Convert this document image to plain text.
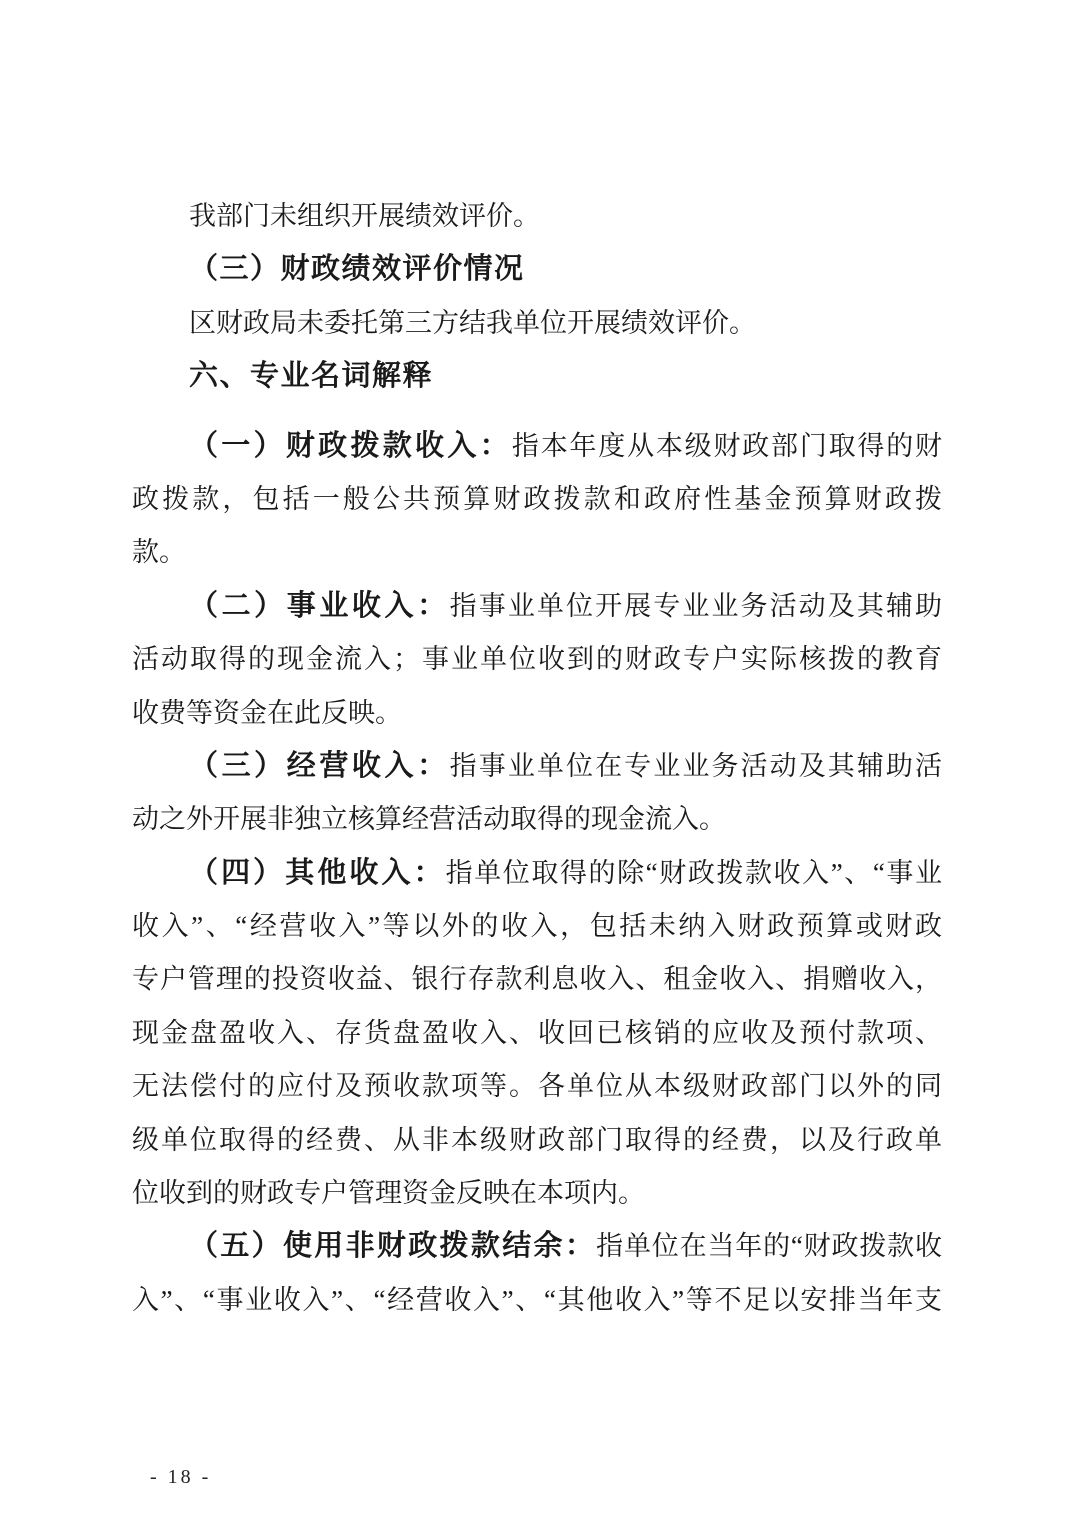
我部门未组织开展绩效评价。
（三）财政绩效评价情况
区财政局未委托第三方结我单位开展绩效评价。
六、专业名词解释
（一）财政拨款收入：指本年度从本级财政部门取得的财
政拨款，包括一般公共预算财政拨款和政府性基金预算财政拨
款。
（二）事业收入：指事业单位开展专业业务活动及其辅助
活动取得的现金流入；事业单位收到的财政专户实际核拨的教育
收费等资金在此反映。
（三）经营收入：指事业单位在专业业务活动及其辅助活
动之外开展非独立核算经营活动取得的现金流入。
（四）其他收入：指单位取得的除“财政拨款收入”、“事业
收入”、“经营收入”等以外的收入，包括未纳入财政预算或财政
专户管理的投资收益、银行存款利息收入、租金收入、捐赠收入，
现金盘盈收入、存货盘盈收入、收回已核销的应收及预付款项、
无法偿付的应付及预收款项等。各单位从本级财政部门以外的同
级单位取得的经费、从非本级财政部门取得的经费，以及行政单
位收到的财政专户管理资金反映在本项内。
（五）使用非财政拨款结余：指单位在当年的“财政拨款收
入”、“事业收入”、“经营收入”、“其他收入”等不足以安排当年支
- 18 -
